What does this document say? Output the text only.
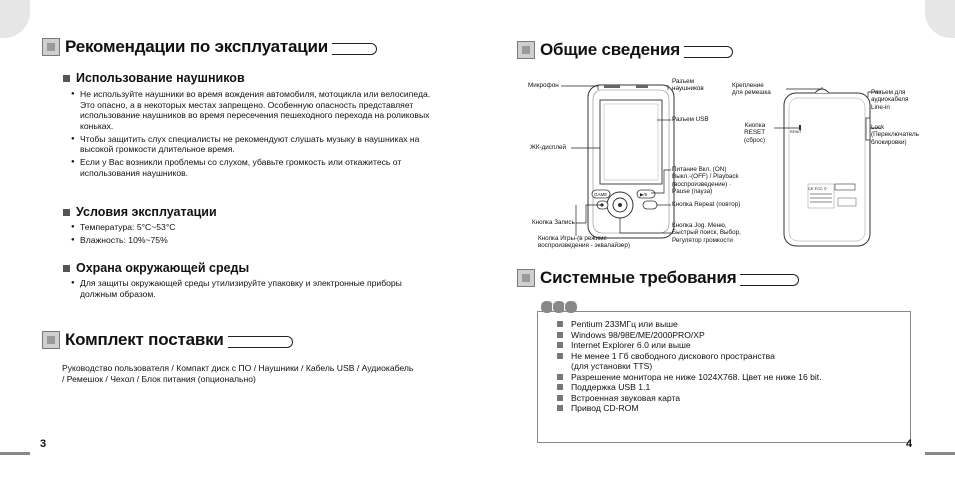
Рекомендации по эксплуатации
Использование наушников
● Не используйте наушники во время вождения автомобиля, мотоцикла или велосипеда. Это опасно, а в некоторых местах запрещено. Особенную опасность представляет использование наушников во время пересечения пешеходного перехода на роликовых коньках.
● Чтобы защитить слух специалисты не рекомендуют слушать музыку в наушниках на высокой громкости длительное время.
● Если у Вас возникли проблемы со слухом, убавьте громкость или откажитесь от использования наушников.
Условия эксплуатации
● Температура: 5°C~53°C
● Влажность: 10%~75%
Охрана окружающей среды
● Для защиты окружающей среды утилизируйте упаковку и электронные приборы должным образом.
Комплект поставки
Руководство пользователя / Компакт диск с ПО / Наушники / Кабель USB / Аудиокабель / Ремешок / Чехол / Блок питания (опционально)
3
Общие сведения
Микрофон
Разъем
наушников
Разъем USB
ЖК-дисплей
Питание Вкл. (ON)
Выкл.-(OFF) / Playback
(воспроизведение) ·
Pause (пауза)
Кнопка Repeat (повтор)
Кнопка Jog. Меню,
Быстрый поиск, Выбор,
Регулятор громкости
Кнопка Запись
Кнопка Игры-(в режиме
воспроизведения - эквалайзер)
Крепление
для ремешка
Кнопка
RESET
(сброс)
Разъем для
аудиокабеля
Line-in
Lock
(Переключатель
блокировки)
GAME	▶/II
RESET
CE FCC ©
Системные требования
Pentium 233МГц или выше
Windows 98/98E/ME/2000PRO/XP
Internet Explorer 6.0 или выше
Не менее 1 Гб свободного дискового пространства
(для установки TTS)
Разрешение монитора не ниже 1024X768. Цвет не ниже 16 bit.
Поддержка USB 1.1
Встроенная звуковая карта
Привод CD-ROM
4
